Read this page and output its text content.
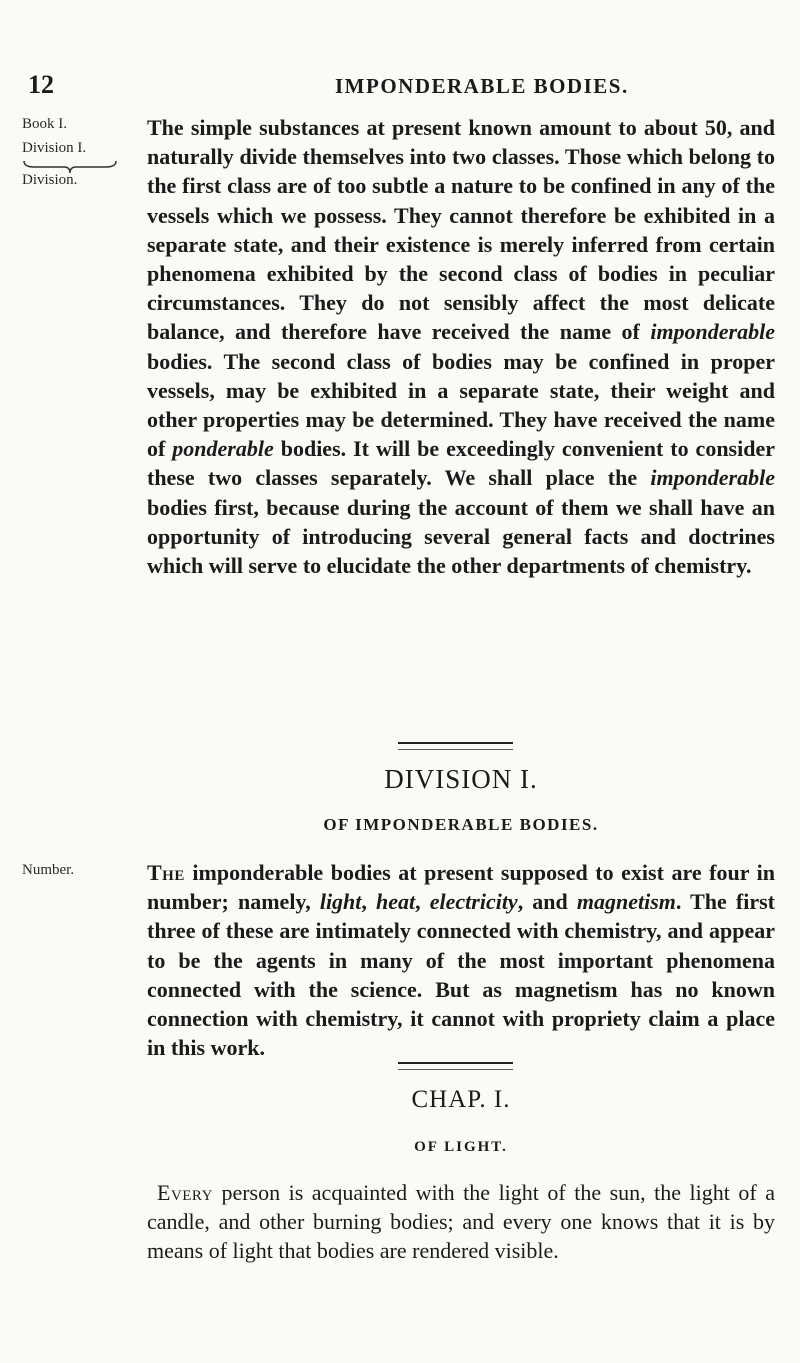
12	IMPONDERABLE BODIES.
Book I.
Division I.
Division.

The simple substances at present known amount to about 50, and naturally divide themselves into two classes. Those which belong to the first class are of too subtle a nature to be confined in any of the vessels which we possess. They cannot therefore be exhibited in a separate state, and their existence is merely inferred from certain phenomena exhibited by the second class of bodies in peculiar circumstances. They do not sensibly affect the most delicate balance, and therefore have received the name of imponderable bodies. The second class of bodies may be confined in proper vessels, may be exhibited in a separate state, their weight and other properties may be determined. They have received the name of ponderable bodies. It will be exceedingly convenient to consider these two classes separately. We shall place the imponderable bodies first, because during the account of them we shall have an opportunity of introducing several general facts and doctrines which will serve to elucidate the other departments of chemistry.

DIVISION I.
OF IMPONDERABLE BODIES.
Number.	The imponderable bodies at present supposed to exist are four in number; namely, light, heat, electricity, and magnetism. The first three of these are intimately connected with chemistry, and appear to be the agents in many of the most important phenomena connected with the science. But as magnetism has no known connection with chemistry, it cannot with propriety claim a place in this work.

CHAP. I.
OF LIGHT.

Every person is acquainted with the light of the sun, the light of a candle, and other burning bodies; and every one knows that it is by means of light that bodies are rendered visible.
